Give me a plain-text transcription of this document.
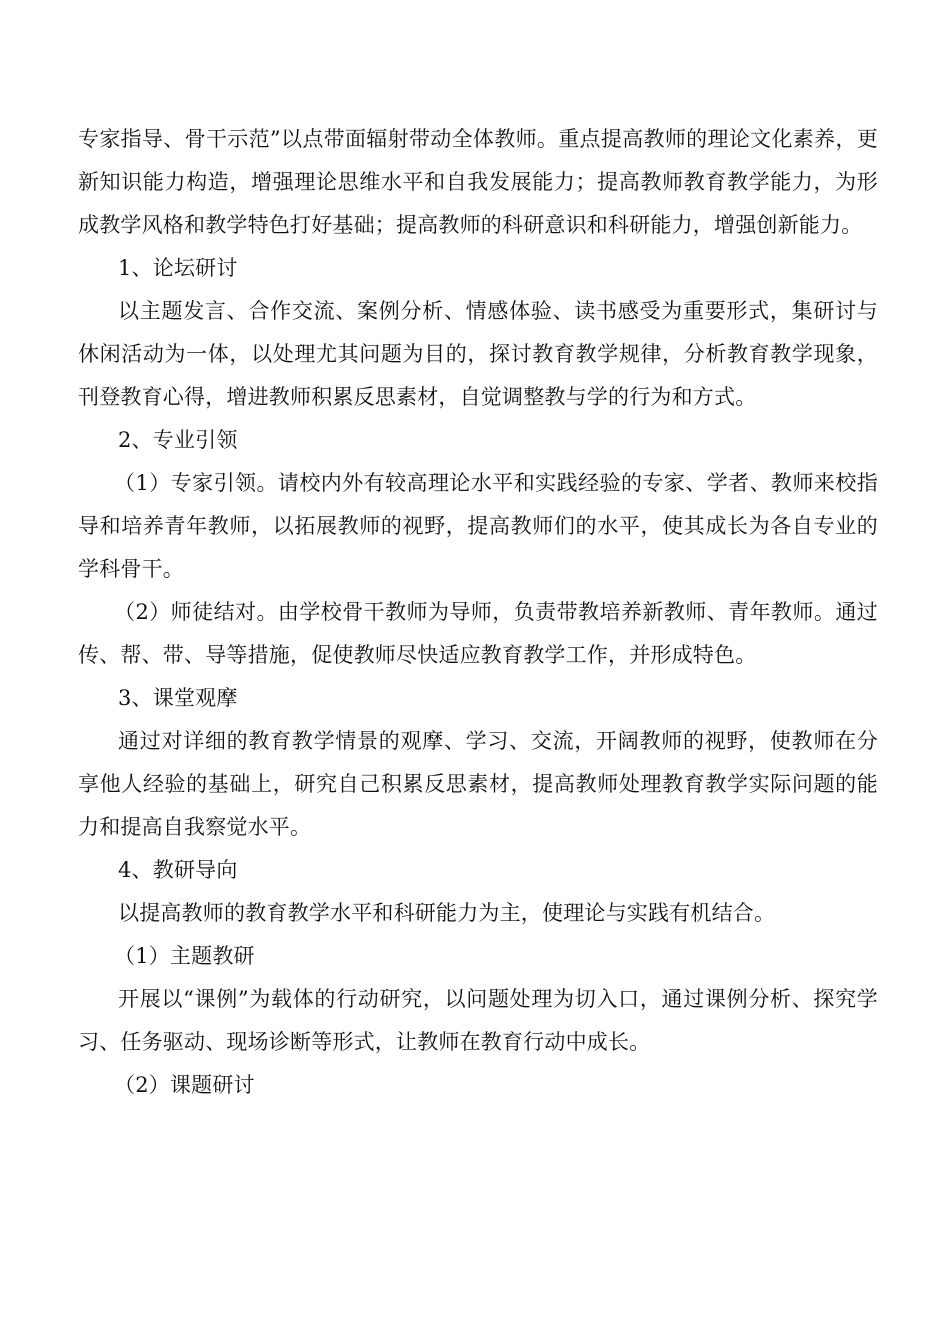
专家指导、骨干示范”以点带面辐射带动全体教师。重点提高教师的理论文化素养，更新知识能力构造，增强理论思维水平和自我发展能力；提高教师教育教学能力，为形成教学风格和教学特色打好基础；提高教师的科研意识和科研能力，增强创新能力。

1、论坛研讨

以主题发言、合作交流、案例分析、情感体验、读书感受为重要形式，集研讨与休闲活动为一体，以处理尤其问题为目的，探讨教育教学规律，分析教育教学现象，刊登教育心得，增进教师积累反思素材，自觉调整教与学的行为和方式。

2、专业引领

（1）专家引领。请校内外有较高理论水平和实践经验的专家、学者、教师来校指导和培养青年教师，以拓展教师的视野，提高教师们的水平，使其成长为各自专业的学科骨干。

（2）师徒结对。由学校骨干教师为导师，负责带教培养新教师、青年教师。通过传、帮、带、导等措施，促使教师尽快适应教育教学工作，并形成特色。

3、课堂观摩

通过对详细的教育教学情景的观摩、学习、交流，开阔教师的视野，使教师在分享他人经验的基础上，研究自己积累反思素材，提高教师处理教育教学实际问题的能力和提高自我察觉水平。

4、教研导向

以提高教师的教育教学水平和科研能力为主，使理论与实践有机结合。

（1）主题教研

开展以“课例”为载体的行动研究，以问题处理为切入口，通过课例分析、探究学习、任务驱动、现场诊断等形式，让教师在教育行动中成长。

（2）课题研讨
